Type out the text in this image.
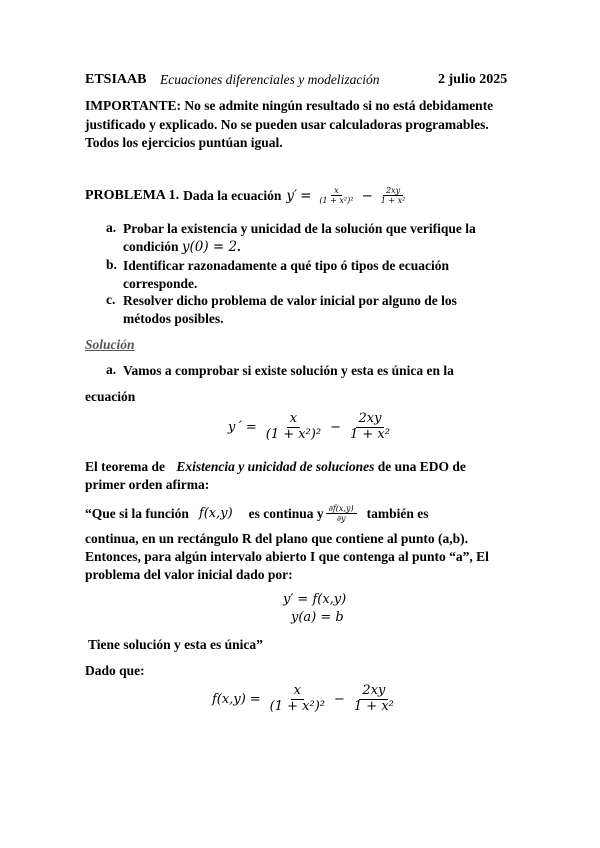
ETSIAAB Ecuaciones diferenciales y modelización	2 julio 2025
IMPORTANTE: No se admite ningún resultado si no está debidamente
justificado y explicado. No se pueden usar calculadoras programables.
Todos los ejercicios puntúan igual.
PROBLEMA 1. Dada la ecuación $y' = \frac{x}{\text{(1 + x²)²}} - \frac{2xy}{\text{1 + x²}}$
a. Probar la existencia y unicidad de la solución que verifique la
condición y(0) = 2.
b. Identificar razonadamente a qué tipo ó tipos de ecuación
corresponde.
c. Resolver dicho problema de valor inicial por alguno de los
métodos posibles.
Solución
a. Vamos a comprobar si existe solución y esta es única en la
ecuación
y´ = $\frac{x}{\text{(1 + x²)²}} - \frac{2xy}{\text{1 + x²}}$
El teorema de Existencia y unicidad de soluciones de una EDO de
primer orden afirma:
“Que si la función f(x,y) es continua y $\frac{\partial f(x,y)}{\partial y}$ también es
continua, en un rectángulo R del plano que contiene al punto (a,b).
Entonces, para algún intervalo abierto I que contenga al punto “a”, El
problema del valor inicial dado por:
y′ = f(x,y)
y(a) = b
Tiene solución y esta es única”
Dado que:
$f(x,y) = \frac{x}{\text{(1 + x²)²}} - \frac{2xy}{\text{1 + x²}}$
